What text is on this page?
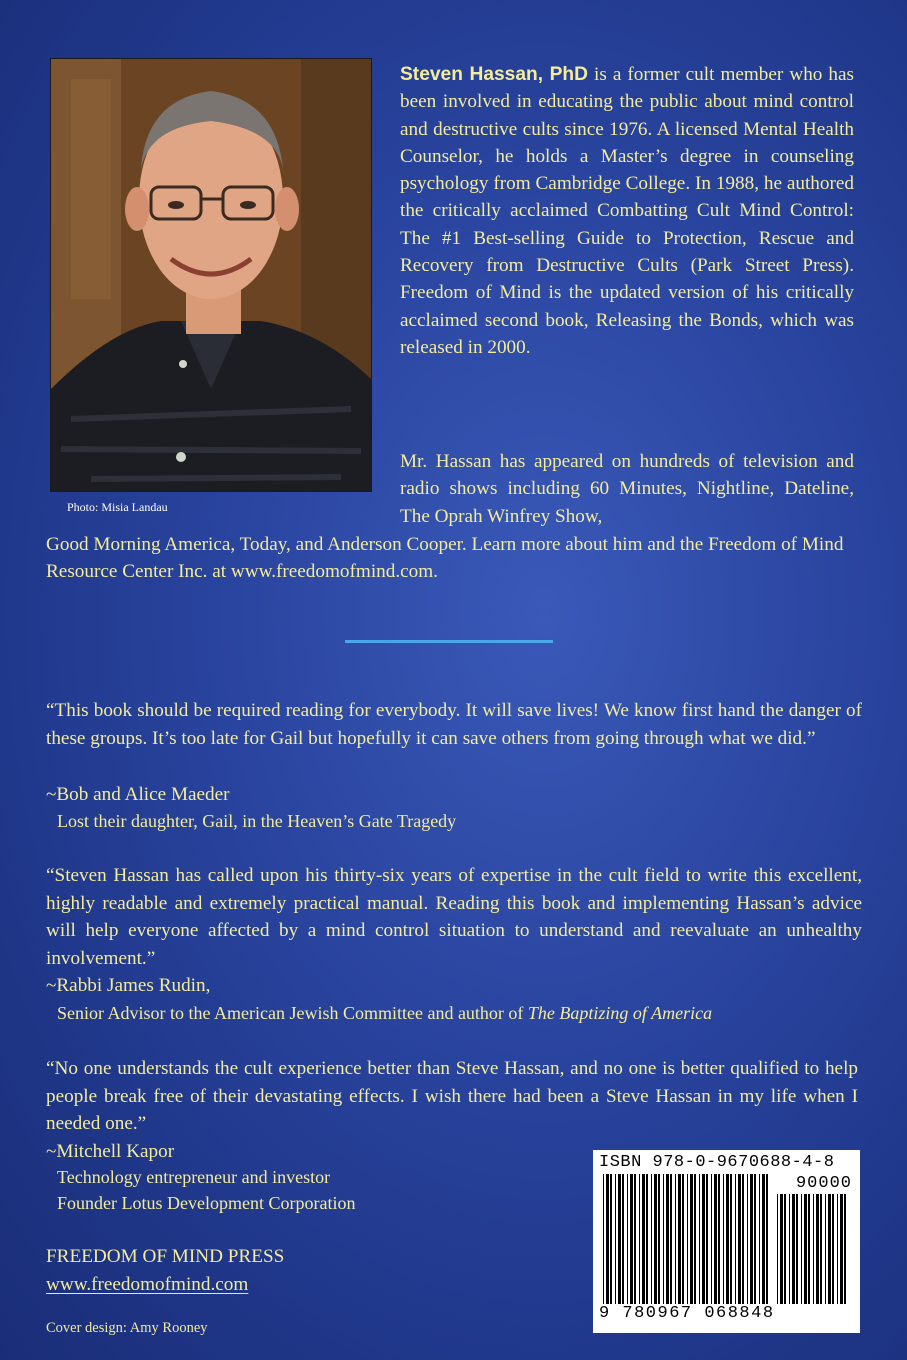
Photo: Misia Landau

Steven Hassan, PhD is a former cult member who has been involved in educating the public about mind control and destructive cults since 1976. A licensed Mental Health Counselor, he holds a Master’s degree in counseling psychology from Cambridge College. In 1988, he authored the critically acclaimed Combatting Cult Mind Control: The #1 Best-selling Guide to Protection, Rescue and Recovery from Destructive Cults (Park Street Press). Freedom of Mind is the updated version of his critically acclaimed second book, Releasing the Bonds, which was released in 2000.

Mr. Hassan has appeared on hundreds of television and radio shows including 60 Minutes, Nightline, Dateline, The Oprah Winfrey Show,

Good Morning America, Today, and Anderson Cooper. Learn more about him and the Freedom of Mind Resource Center Inc. at www.freedomofmind.com.

“This book should be required reading for everybody. It will save lives! We know first hand the danger of these groups. It’s too late for Gail but hopefully it can save others from going through what we did.”

~Bob and Alice Maeder

Lost their daughter, Gail, in the Heaven’s Gate Tragedy

“Steven Hassan has called upon his thirty-six years of expertise in the cult field to write this excellent, highly readable and extremely practical manual. Reading this book and implementing Hassan’s advice will help everyone affected by a mind control situation to understand and reevaluate an unhealthy involvement.”

~Rabbi James Rudin,

Senior Advisor to the American Jewish Committee and author of The Baptizing of America

“No one understands the cult experience better than Steve Hassan, and no one is better qualified to help people break free of their devastating effects. I wish there had been a Steve Hassan in my life when I needed one.”

~Mitchell Kapor

Technology entrepreneur and investor

Founder Lotus Development Corporation

FREEDOM OF MIND PRESS

www.freedomofmind.com

Cover design: Amy Rooney
ISBN 978-0-9670688-4-8
90000
9 780967 068848
